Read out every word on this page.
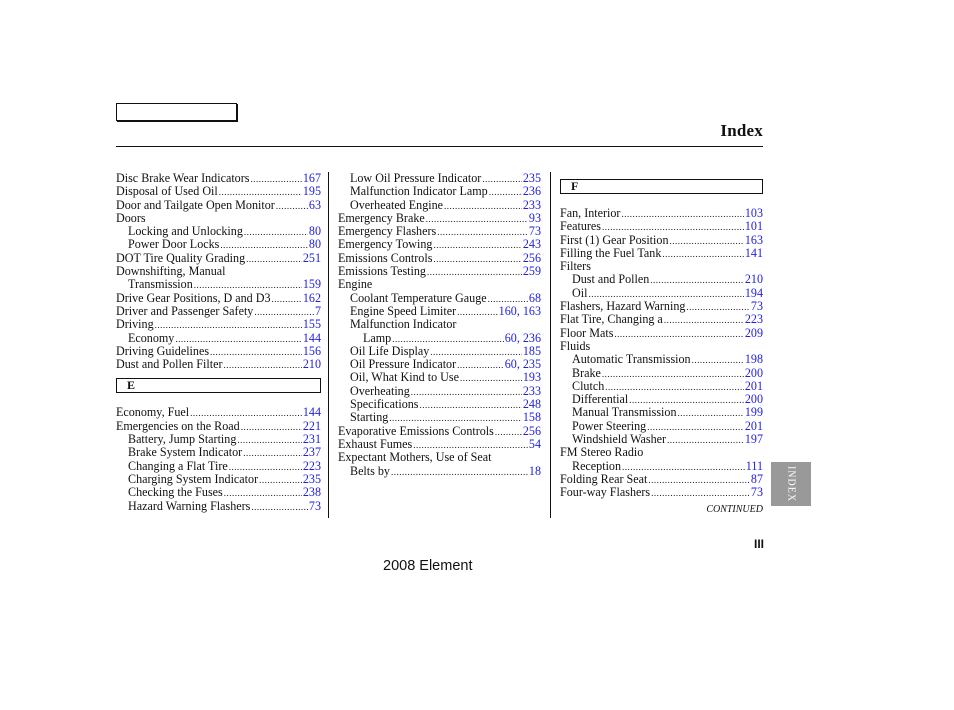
Index
Disc Brake Wear Indicators .....	167
Disposal of Used Oil .....	195
Door and Tailgate Open Monitor .....	63
Doors
Locking and Unlocking .....	80
Power Door Locks .....	80
DOT Tire Quality Grading .....	251
Downshifting, Manual
Transmission .....	159
Drive Gear Positions, D and D3 .....	162
Driver and Passenger Safety .....	7
Driving .....	155
Economy .....	144
Driving Guidelines .....	156
Dust and Pollen Filter .....	210
E
Economy, Fuel .....	144
Emergencies on the Road .....	221
Battery, Jump Starting .....	231
Brake System Indicator .....	237
Changing a Flat Tire .....	223
Charging System Indicator .....	235
Checking the Fuses .....	238
Hazard Warning Flashers .....	73
Low Oil Pressure Indicator .....	235
Malfunction Indicator Lamp .....	236
Overheated Engine .....	233
Emergency Brake .....	93
Emergency Flashers .....	73
Emergency Towing .....	243
Emissions Controls .....	256
Emissions Testing .....	259
Engine
Coolant Temperature Gauge .....	68
Engine Speed Limiter .....	160, 163
Malfunction Indicator
Lamp .....	60, 236
Oil Life Display .....	185
Oil Pressure Indicator .....	60, 235
Oil, What Kind to Use .....	193
Overheating .....	233
Specifications .....	248
Starting .....	158
Evaporative Emissions Controls ..... 256
Exhaust Fumes .....	54
Expectant Mothers, Use of Seat
Belts by .....	18
F
Fan, Interior .....	103
Features .....	101
First (1) Gear Position .....	163
Filling the Fuel Tank .....	141
Filters
Dust and Pollen .....	210
Oil .....	194
Flashers, Hazard Warning .....	73
Flat Tire, Changing a .....	223
Floor Mats .....	209
Fluids
Automatic Transmission .....	198
Brake .....	200
Clutch .....	201
Differential .....	200
Manual Transmission .....	199
Power Steering .....	201
Windshield Washer .....	197
FM Stereo Radio
Reception .....	111
Folding Rear Seat .....	87
Four-way Flashers .....	73
CONTINUED
III
2008 Element
INDEX
